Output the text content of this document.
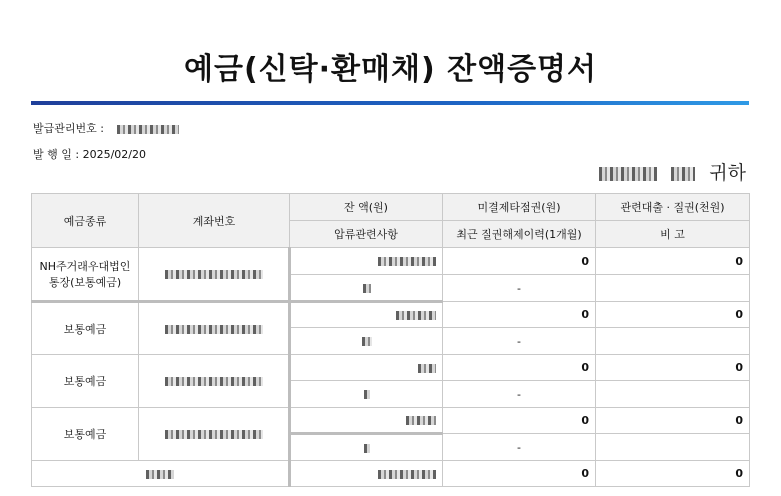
예금(신탁·환매채) 잔액증명서
발급관리번호 :
발 행 일 : 2025/02/20
귀하
예금종류	계좌번호	잔 액(원)	미결제타점권(원)	관련대출 · 질권(천원)
		압류관련사항	최근 질권해제이력(1개월)	비 고
NH주거래우대법인통장(보통예금)			0	0
			-	
보통예금			0	0
			-	
보통예금			0	0
			-	
보통예금			0	0
			-	
			0	0
